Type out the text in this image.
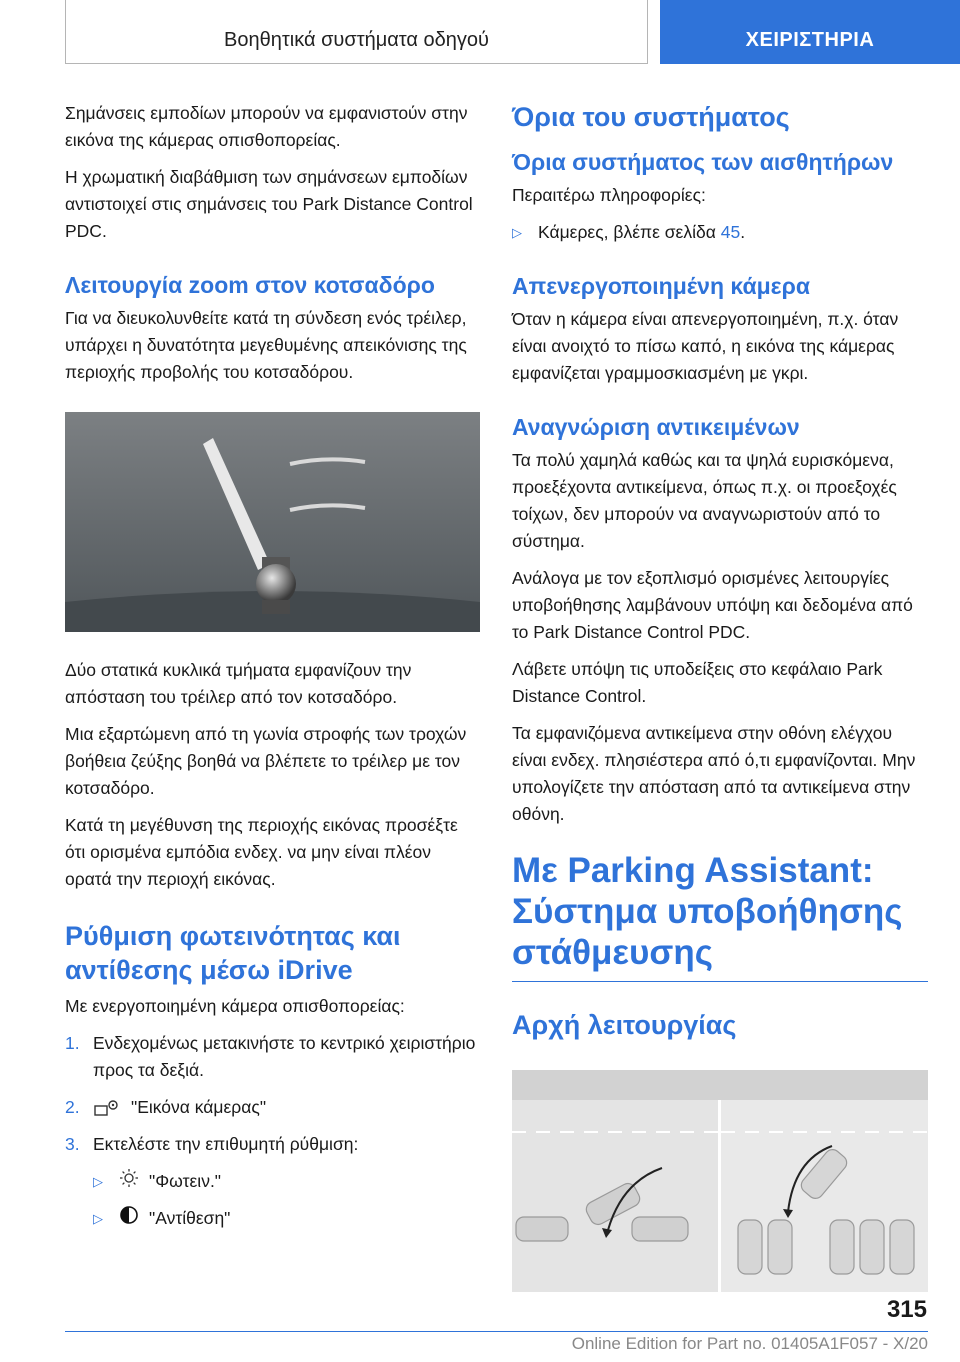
Βοηθητικά συστήματα οδηγού	ΧΕΙΡΙΣΤΗΡΙΑ

Σημάνσεις εμποδίων μπορούν να εμφανιστούν στην εικόνα της κάμερας οπισθοπορείας.

Η χρωματική διαβάθμιση των σημάνσεων εμποδίων αντιστοιχεί στις σημάνσεις του Park Distance Control PDC.

Λειτουργία zoom στον κοτσαδόρο

Για να διευκολυνθείτε κατά τη σύνδεση ενός τρέιλερ, υπάρχει η δυνατότητα μεγεθυμένης απεικόνισης της περιοχής προβολής του κοτσαδόρου.

Δύο στατικά κυκλικά τμήματα εμφανίζουν την απόσταση του τρέιλερ από τον κοτσαδόρο.

Μια εξαρτώμενη από τη γωνία στροφής των τροχών βοήθεια ζεύξης βοηθά να βλέπετε το τρέιλερ με τον κοτσαδόρο.

Κατά τη μεγέθυνση της περιοχής εικόνας προσέξτε ότι ορισμένα εμπόδια ενδεχ. να μην είναι πλέον ορατά την περιοχή εικόνας.

Ρύθμιση φωτεινότητας και αντίθεσης μέσω iDrive

Με ενεργοποιημένη κάμερα οπισθοπορείας:

1. Ενδεχομένως μετακινήστε το κεντρικό χειριστήριο προς τα δεξιά.
2.	"Εικόνα κάμερας"
3. Εκτελέστε την επιθυμητή ρύθμιση:
▷	"Φωτειν."
▷	"Αντίθεση"
Όρια του συστήματος
Όρια συστήματος των αισθητήρων

Περαιτέρω πληροφορίες:

▷ Κάμερες, βλέπε σελίδα 45.
Απενεργοποιημένη κάμερα

Όταν η κάμερα είναι απενεργοποιημένη, π.χ. όταν είναι ανοιχτό το πίσω καπό, η εικόνα της κάμερας εμφανίζεται γραμμοσκιασμένη με γκρι.

Αναγνώριση αντικειμένων

Τα πολύ χαμηλά καθώς και τα ψηλά ευρισκόμενα, προεξέχοντα αντικείμενα, όπως π.χ. οι προεξοχές τοίχων, δεν μπορούν να αναγνωριστούν από το σύστημα.

Ανάλογα με τον εξοπλισμό ορισμένες λειτουργίες υποβοήθησης λαμβάνουν υπόψη και δεδομένα από το Park Distance Control PDC.

Λάβετε υπόψη τις υποδείξεις στο κεφάλαιο Park Distance Control.

Τα εμφανιζόμενα αντικείμενα στην οθόνη ελέγχου είναι ενδεχ. πλησιέστερα από ό,τι εμφανίζονται. Μην υπολογίζετε την απόσταση από τα αντικείμενα στην οθόνη.

Με Parking Assistant: Σύστημα υποβοήθησης στάθμευσης
Αρχή λειτουργίας
315
Online Edition for Part no. 01405A1F057 - X/20
